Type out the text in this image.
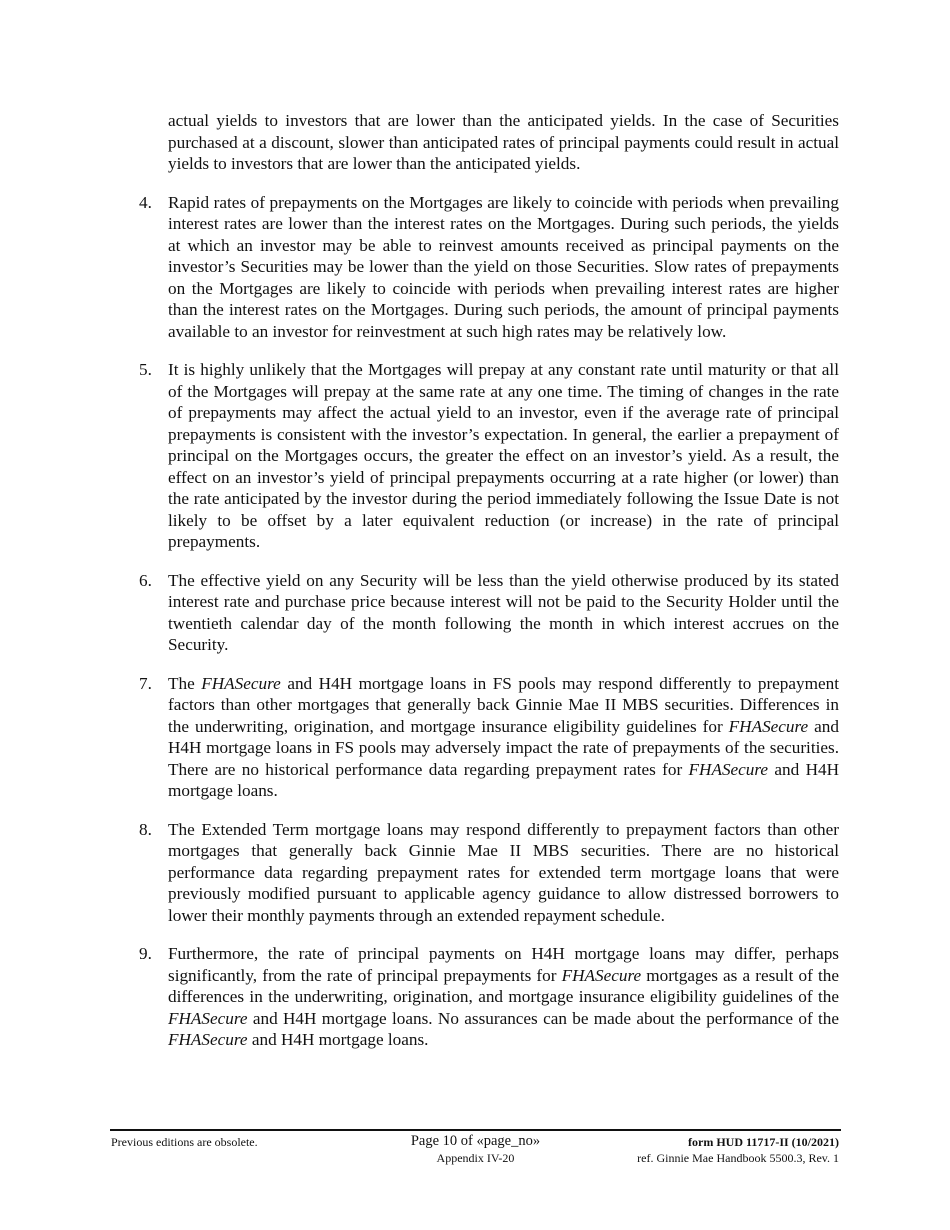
actual yields to investors that are lower than the anticipated yields. In the case of Securities purchased at a discount, slower than anticipated rates of principal payments could result in actual yields to investors that are lower than the anticipated yields.

4. Rapid rates of prepayments on the Mortgages are likely to coincide with periods when prevailing interest rates are lower than the interest rates on the Mortgages. During such periods, the yields at which an investor may be able to reinvest amounts received as principal payments on the investor’s Securities may be lower than the yield on those Securities. Slow rates of prepayments on the Mortgages are likely to coincide with periods when prevailing interest rates are higher than the interest rates on the Mortgages. During such periods, the amount of principal payments available to an investor for reinvestment at such high rates may be relatively low.
5. It is highly unlikely that the Mortgages will prepay at any constant rate until maturity or that all of the Mortgages will prepay at the same rate at any one time. The timing of changes in the rate of prepayments may affect the actual yield to an investor, even if the average rate of principal prepayments is consistent with the investor’s expectation. In general, the earlier a prepayment of principal on the Mortgages occurs, the greater the effect on an investor’s yield. As a result, the effect on an investor’s yield of principal prepayments occurring at a rate higher (or lower) than the rate anticipated by the investor during the period immediately following the Issue Date is not likely to be offset by a later equivalent reduction (or increase) in the rate of principal prepayments.
6. The effective yield on any Security will be less than the yield otherwise produced by its stated interest rate and purchase price because interest will not be paid to the Security Holder until the twentieth calendar day of the month following the month in which interest accrues on the Security.
7. The FHASecure and H4H mortgage loans in FS pools may respond differently to prepayment factors than other mortgages that generally back Ginnie Mae II MBS securities. Differences in the underwriting, origination, and mortgage insurance eligibility guidelines for FHASecure and H4H mortgage loans in FS pools may adversely impact the rate of prepayments of the securities. There are no historical performance data regarding prepayment rates for FHASecure and H4H mortgage loans.
8. The Extended Term mortgage loans may respond differently to prepayment factors than other mortgages that generally back Ginnie Mae II MBS securities. There are no historical performance data regarding prepayment rates for extended term mortgage loans that were previously modified pursuant to applicable agency guidance to allow distressed borrowers to lower their monthly payments through an extended repayment schedule.
9. Furthermore, the rate of principal payments on H4H mortgage loans may differ, perhaps significantly, from the rate of principal prepayments for FHASecure mortgages as a result of the differences in the underwriting, origination, and mortgage insurance eligibility guidelines of the FHASecure and H4H mortgage loans. No assurances can be made about the performance of the FHASecure and H4H mortgage loans.
Previous editions are obsolete.	Page 10 of «page_no»
Appendix IV-20
form HUD 11717-II (10/2021)
ref. Ginnie Mae Handbook 5500.3, Rev. 1
